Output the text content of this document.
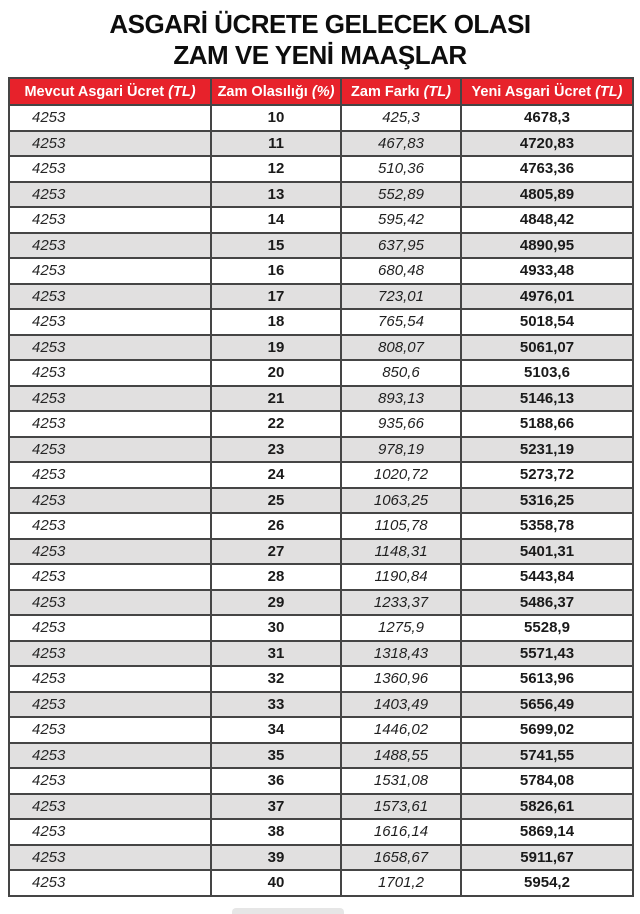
ASGARİ ÜCRETE GELECEK OLASI
ZAM VE YENİ MAAŞLAR
Mevcut Asgari Ücret (TL)	Zam Olasılığı (%)	Zam Farkı (TL)	Yeni Asgari Ücret (TL)
4253	10	425,3	4678,3
4253	11	467,83	4720,83
4253	12	510,36	4763,36
4253	13	552,89	4805,89
4253	14	595,42	4848,42
4253	15	637,95	4890,95
4253	16	680,48	4933,48
4253	17	723,01	4976,01
4253	18	765,54	5018,54
4253	19	808,07	5061,07
4253	20	850,6	5103,6
4253	21	893,13	5146,13
4253	22	935,66	5188,66
4253	23	978,19	5231,19
4253	24	1020,72	5273,72
4253	25	1063,25	5316,25
4253	26	1105,78	5358,78
4253	27	1148,31	5401,31
4253	28	1190,84	5443,84
4253	29	1233,37	5486,37
4253	30	1275,9	5528,9
4253	31	1318,43	5571,43
4253	32	1360,96	5613,96
4253	33	1403,49	5656,49
4253	34	1446,02	5699,02
4253	35	1488,55	5741,55
4253	36	1531,08	5784,08
4253	37	1573,61	5826,61
4253	38	1616,14	5869,14
4253	39	1658,67	5911,67
4253	40	1701,2	5954,2
